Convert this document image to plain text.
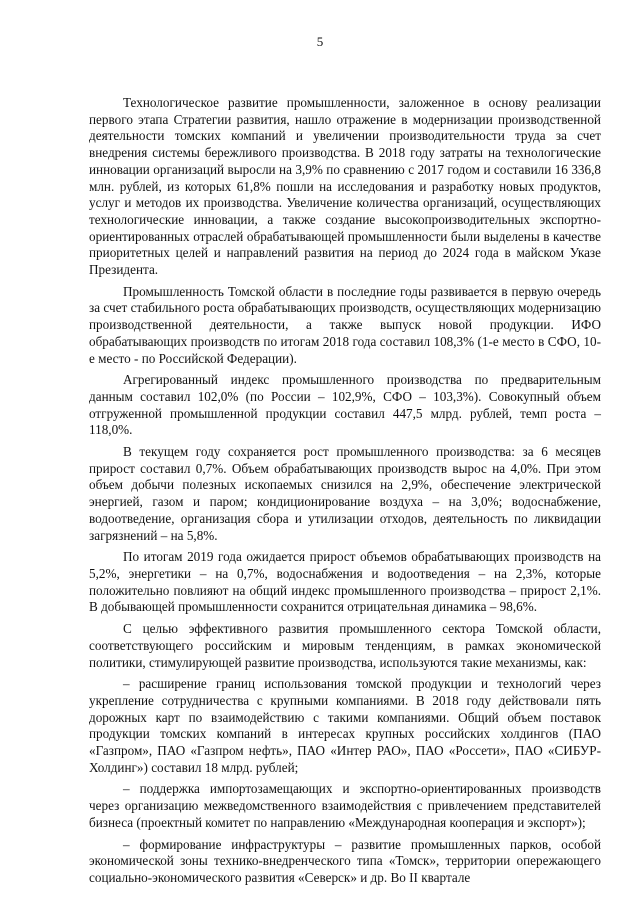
5

Технологическое развитие промышленности, заложенное в основу реализации первого этапа Стратегии развития, нашло отражение в модернизации производственной деятельности томских компаний и увеличении производительности труда за счет внедрения системы бережливого производства. В 2018 году затраты на технологические инновации организаций выросли на 3,9% по сравнению с 2017 годом и составили 16 336,8 млн. рублей, из которых 61,8% пошли на исследования и разработку новых продуктов, услуг и методов их производства. Увеличение количества организаций, осуществляющих технологические инновации, а также создание высокопроизводительных экспортно-ориентированных отраслей обрабатывающей промышленности были выделены в качестве приоритетных целей и направлений развития на период до 2024 года в майском Указе Президента.

Промышленность Томской области в последние годы развивается в первую очередь за счет стабильного роста обрабатывающих производств, осуществляющих модернизацию производственной деятельности, а также выпуск новой продукции. ИФО обрабатывающих производств по итогам 2018 года составил 108,3% (1-е место в СФО, 10-е место - по Российской Федерации).

Агрегированный индекс промышленного производства по предварительным данным составил 102,0% (по России – 102,9%, СФО – 103,3%). Совокупный объем отгруженной промышленной продукции составил 447,5 млрд. рублей, темп роста – 118,0%.

В текущем году сохраняется рост промышленного производства: за 6 месяцев прирост составил 0,7%. Объем обрабатывающих производств вырос на 4,0%. При этом объем добычи полезных ископаемых снизился на 2,9%, обеспечение электрической энергией, газом и паром; кондиционирование воздуха – на 3,0%; водоснабжение, водоотведение, организация сбора и утилизации отходов, деятельность по ликвидации загрязнений – на 5,8%.

По итогам 2019 года ожидается прирост объемов обрабатывающих производств на 5,2%, энергетики – на 0,7%, водоснабжения и водоотведения – на 2,3%, которые положительно повлияют на общий индекс промышленного производства – прирост 2,1%. В добывающей промышленности сохранится отрицательная динамика – 98,6%.

С целью эффективного развития промышленного сектора Томской области, соответствующего российским и мировым тенденциям, в рамках экономической политики, стимулирующей развитие производства, используются такие механизмы, как:

– расширение границ использования томской продукции и технологий через укрепление сотрудничества с крупными компаниями. В 2018 году действовали пять дорожных карт по взаимодействию с такими компаниями. Общий объем поставок продукции томских компаний в интересах крупных российских холдингов (ПАО «Газпром», ПАО «Газпром нефть», ПАО «Интер РАО», ПАО «Россети», ПАО «СИБУР-Холдинг») составил 18 млрд. рублей;

– поддержка импортозамещающих и экспортно-ориентированных производств через организацию межведомственного взаимодействия с привлечением представителей бизнеса (проектный комитет по направлению «Международная кооперация и экспорт»);

– формирование инфраструктуры – развитие промышленных парков, особой экономической зоны технико-внедренческого типа «Томск», территории опережающего социально-экономического развития «Северск» и др. Во II квартале
